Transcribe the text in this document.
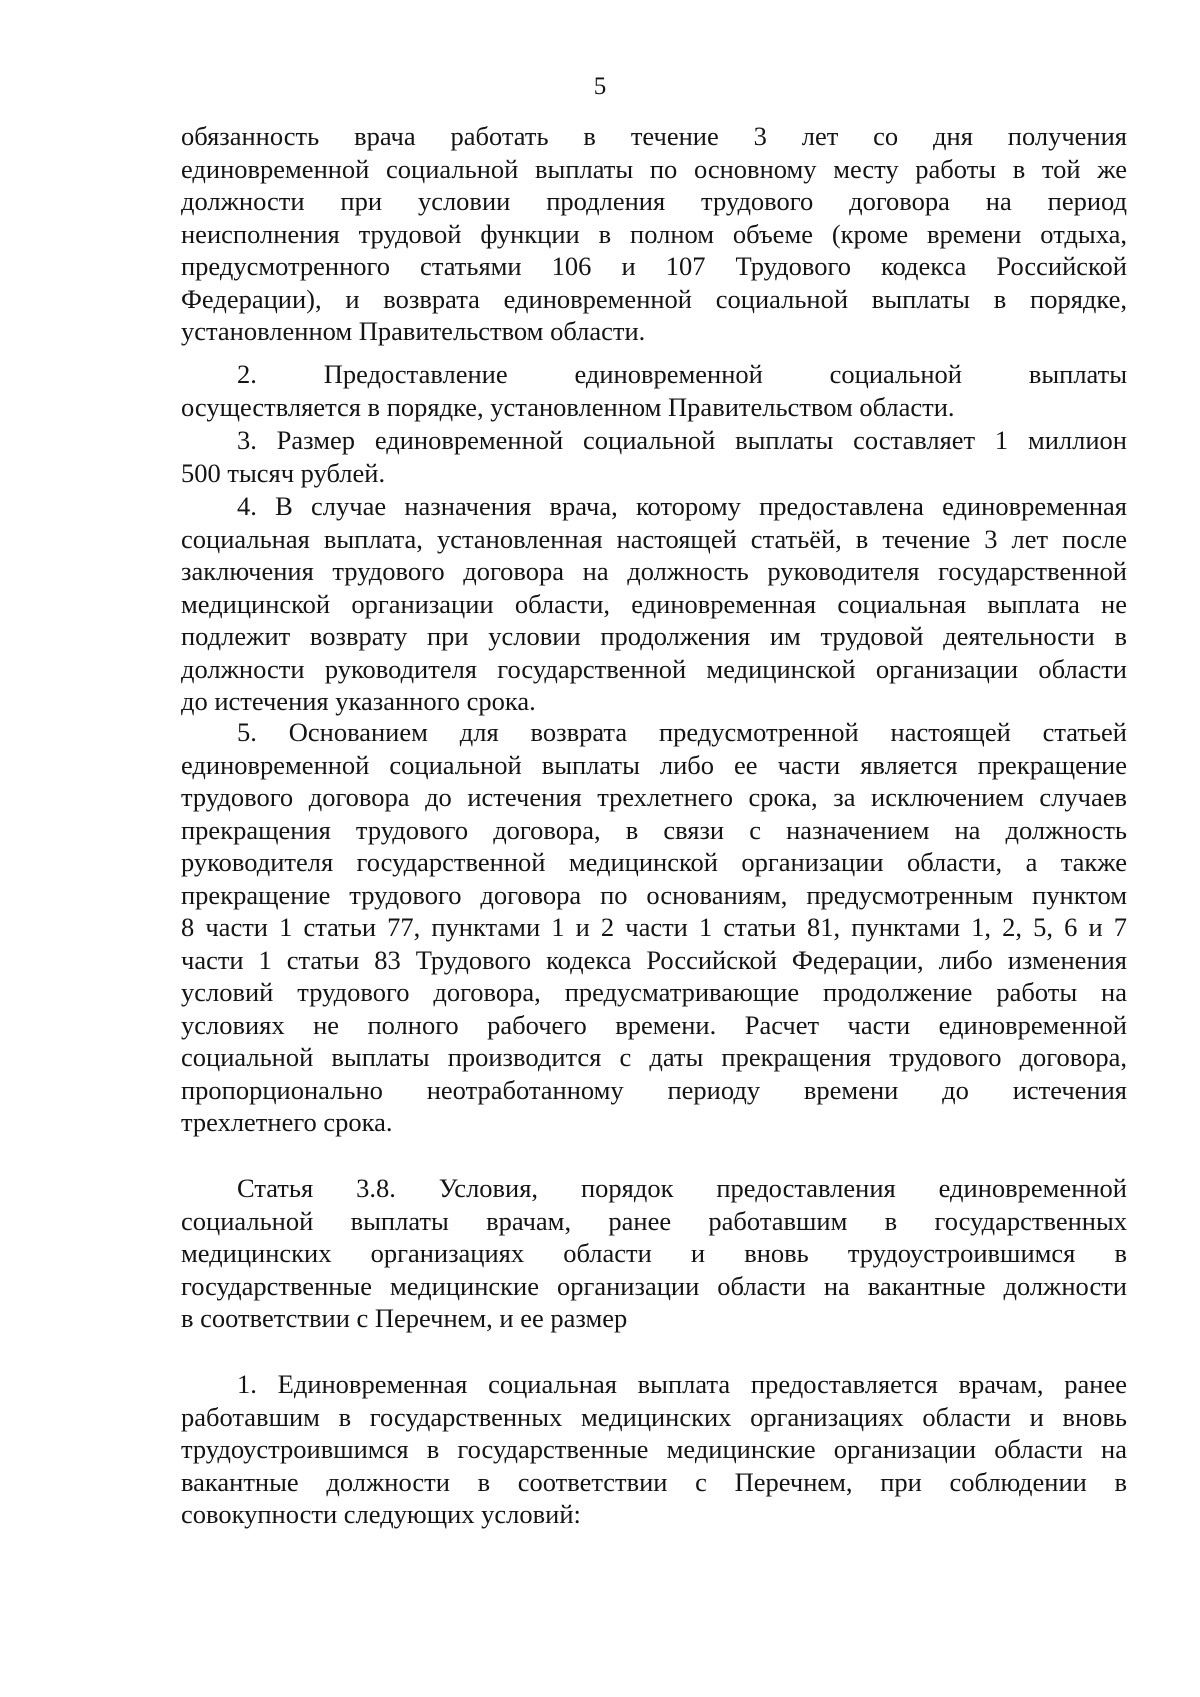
5
обязанность врача работать в течение 3 лет со дня получения
единовременной социальной выплаты по основному месту работы в той же
должности при условии продления трудового договора на период
неисполнения трудовой функции в полном объеме (кроме времени отдыха,
предусмотренного статьями 106 и 107 Трудового кодекса Российской
Федерации), и возврата единовременной социальной выплаты в порядке,
установленном Правительством области.
2. Предоставление единовременной социальной выплаты
осуществляется в порядке, установленном Правительством области.
3. Размер единовременной социальной выплаты составляет 1 миллион
500 тысяч рублей.
4. В случае назначения врача, которому предоставлена единовременная
социальная выплата, установленная настоящей статьёй, в течение 3 лет после
заключения трудового договора на должность руководителя государственной
медицинской организации области, единовременная социальная выплата не
подлежит возврату при условии продолжения им трудовой деятельности в
должности руководителя государственной медицинской организации области
до истечения указанного срока.
5. Основанием для возврата предусмотренной настоящей статьей
единовременной социальной выплаты либо ее части является прекращение
трудового договора до истечения трехлетнего срока, за исключением случаев
прекращения трудового договора, в связи с назначением на должность
руководителя государственной медицинской организации области, а также
прекращение трудового договора по основаниям, предусмотренным пунктом
8 части 1 статьи 77, пунктами 1 и 2 части 1 статьи 81, пунктами 1, 2, 5, 6 и 7
части 1 статьи 83 Трудового кодекса Российской Федерации, либо изменения
условий трудового договора, предусматривающие продолжение работы на
условиях не полного рабочего времени. Расчет части единовременной
социальной выплаты производится с даты прекращения трудового договора,
пропорционально неотработанному периоду времени до истечения
трехлетнего срока.
Статья 3.8. Условия, порядок предоставления единовременной
социальной выплаты врачам, ранее работавшим в государственных
медицинских организациях области и вновь трудоустроившимся в
государственные медицинские организации области на вакантные должности
в соответствии с Перечнем, и ее размер
1. Единовременная социальная выплата предоставляется врачам, ранее
работавшим в государственных медицинских организациях области и вновь
трудоустроившимся в государственные медицинские организации области на
вакантные должности в соответствии с Перечнем, при соблюдении в
совокупности следующих условий:
